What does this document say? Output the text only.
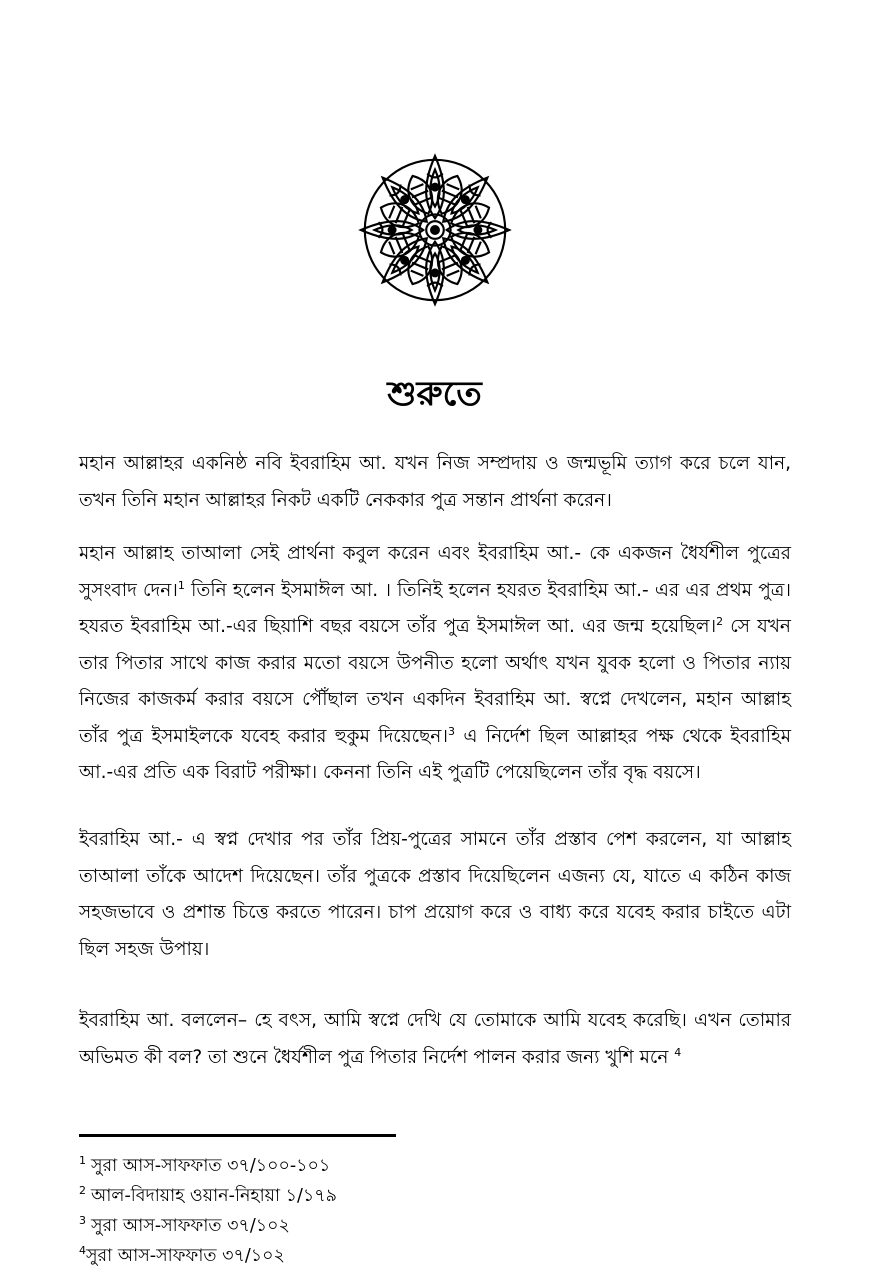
শুরুতে

মহান আল্লাহর একনিষ্ঠ নবি ইবরাহিম আ. যখন নিজ সম্প্রদায় ও জন্মভূমি ত্যাগ করে চলে যান, তখন তিনি মহান আল্লাহর নিকট একটি নেককার পুত্র সন্তান প্রার্থনা করেন।

মহান আল্লাহ তাআলা সেই প্রার্থনা কবুল করেন এবং ইবরাহিম আ.- কে একজন ধৈর্যশীল পুত্রের সুসংবাদ দেন।$^1$ তিনি হলেন ইসমাঈল আ. । তিনিই হলেন হযরত ইবরাহিম আ.- এর এর প্রথম পুত্র। হযরত ইবরাহিম আ.-এর ছিয়াশি বছর বয়সে তাঁর পুত্র ইসমাঈল আ. এর জন্ম হয়েছিল।$^2$ সে যখন তার পিতার সাথে কাজ করার মতো বয়সে উপনীত হলো অর্থাৎ যখন যুবক হলো ও পিতার ন্যায় নিজের কাজকর্ম করার বয়সে পৌঁছাল তখন একদিন ইবরাহিম আ. স্বপ্নে দেখলেন, মহান আল্লাহ তাঁর পুত্র ইসমাইলকে যবেহ করার হুকুম দিয়েছেন।$^3$ এ নির্দেশ ছিল আল্লাহর পক্ষ থেকে ইবরাহিম আ.-এর প্রতি এক বিরাট পরীক্ষা। কেননা তিনি এই পুত্রটি পেয়েছিলেন তাঁর বৃদ্ধ বয়সে।

ইবরাহিম আ.- এ স্বপ্ন দেখার পর তাঁর প্রিয়-পুত্রের সামনে তাঁর প্রস্তাব পেশ করলেন, যা আল্লাহ তাআলা তাঁকে আদেশ দিয়েছেন। তাঁর পুত্রকে প্রস্তাব দিয়েছিলেন এজন্য যে, যাতে এ কঠিন কাজ সহজভাবে ও প্রশান্ত চিত্তে করতে পারেন। চাপ প্রয়োগ করে ও বাধ্য করে যবেহ করার চাইতে এটা ছিল সহজ উপায়।

ইবরাহিম আ. বললেন– হে বৎস, আমি স্বপ্নে দেখি যে তোমাকে আমি যবেহ করেছি। এখন তোমার অভিমত কী বল? তা শুনে ধৈর্যশীল পুত্র পিতার নির্দেশ পালন করার জন্য খুশি মনে $^4$

$^1$ সুরা আস-সাফফাত ৩৭/১০০-১০১
$^2$ আল-বিদায়াহ ওয়ান-নিহায়া ১/১৭৯
$^3$ সুরা আস-সাফফাত ৩৭/১০২
$^4$সুরা আস-সাফফাত ৩৭/১০২
